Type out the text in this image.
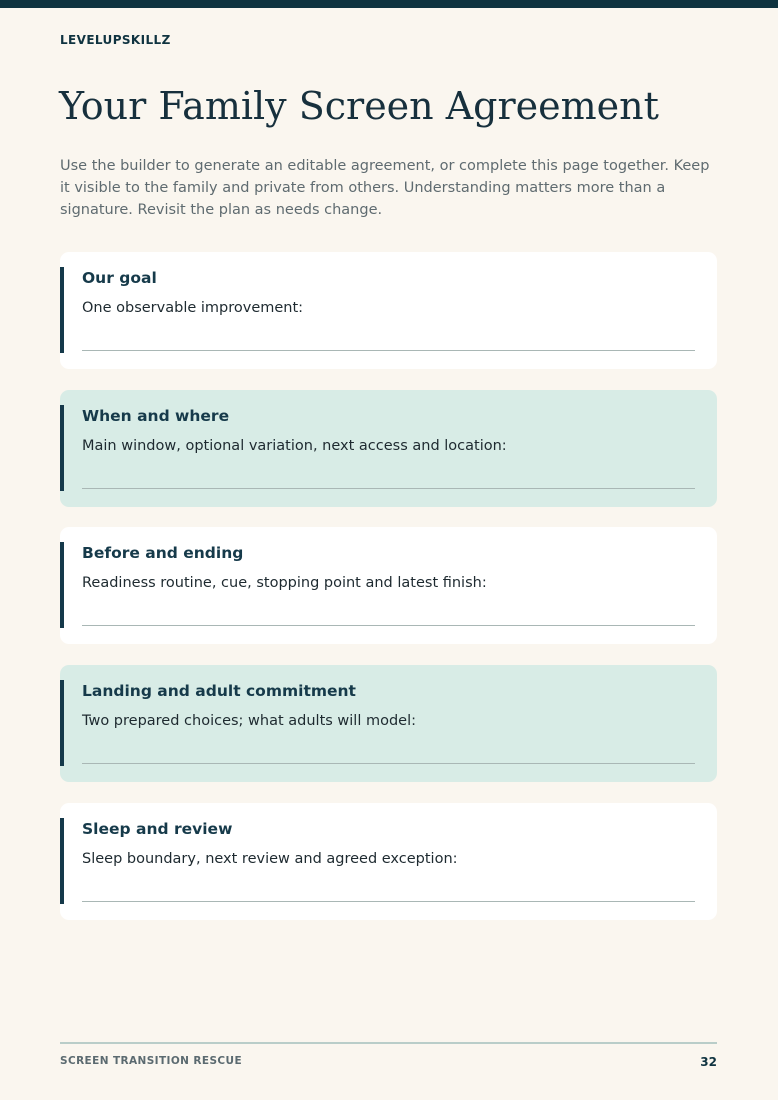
LEVELUPSKILLZ
Your Family Screen Agreement

Use the builder to generate an editable agreement, or complete this page together. Keep it visible to the family and private from others. Understanding matters more than a signature. Revisit the plan as needs change.

Our goal
One observable improvement:
When and where
Main window, optional variation, next access and location:
Before and ending
Readiness routine, cue, stopping point and latest finish:
Landing and adult commitment
Two prepared choices; what adults will model:
Sleep and review
Sleep boundary, next review and agreed exception:
SCREEN TRANSITION RESCUE	32
